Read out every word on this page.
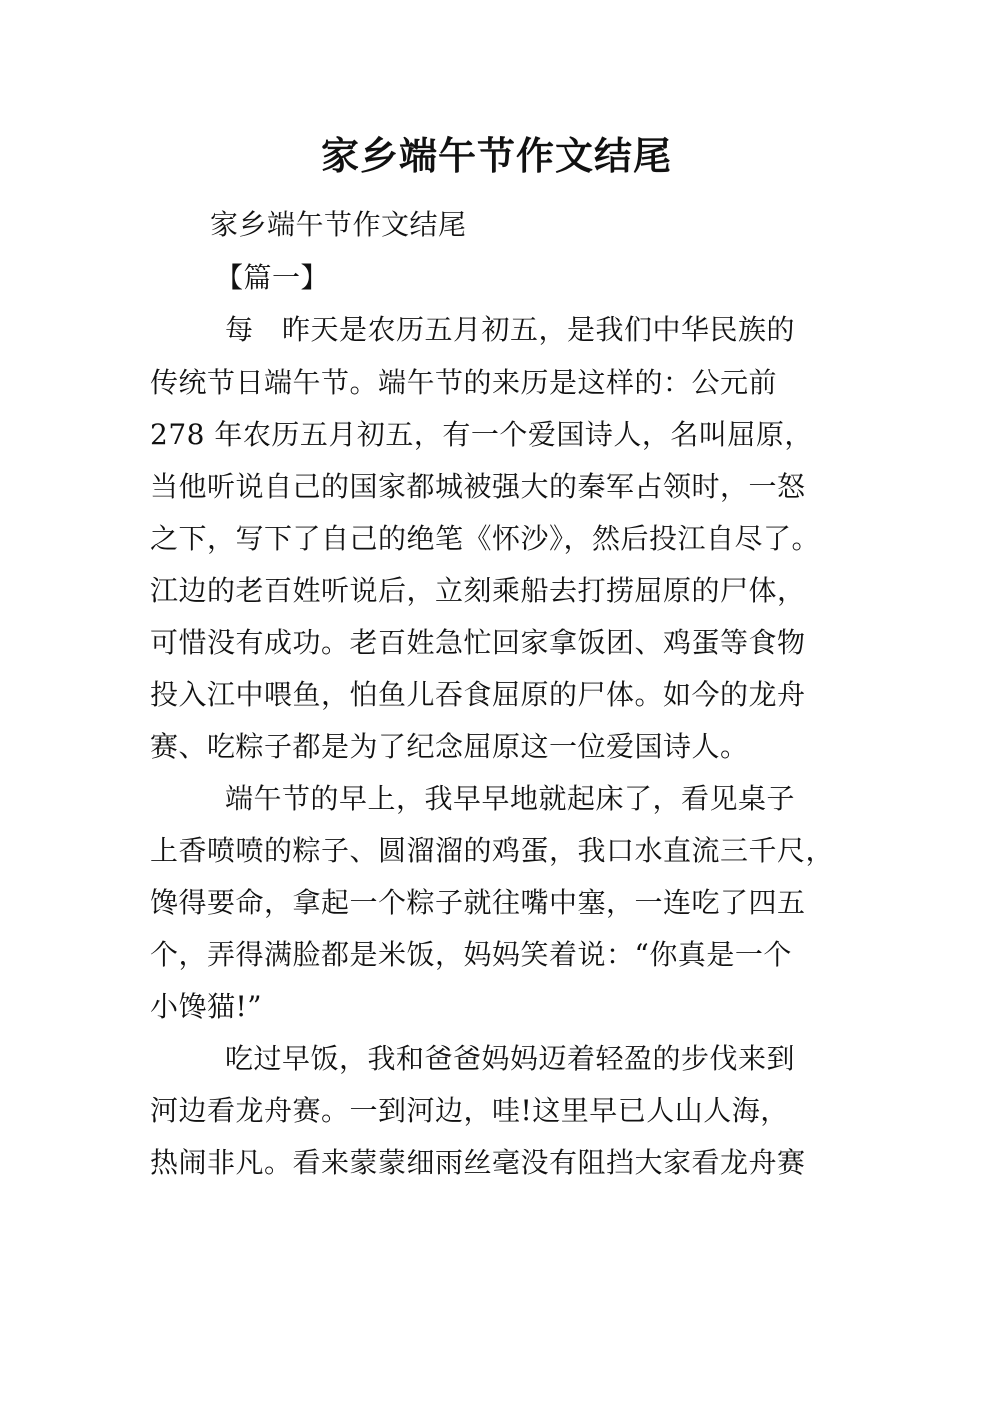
家乡端午节作文结尾
家乡端午节作文结尾
【篇一】
每　昨天是农历五月初五，是我们中华民族的
传统节日端午节。端午节的来历是这样的：公元前
278 年农历五月初五，有一个爱国诗人，名叫屈原，
当他听说自己的国家都城被强大的秦军占领时，一怒
之下，写下了自己的绝笔《怀沙》，然后投江自尽了。
江边的老百姓听说后，立刻乘船去打捞屈原的尸体，
可惜没有成功。老百姓急忙回家拿饭团、鸡蛋等食物
投入江中喂鱼，怕鱼儿吞食屈原的尸体。如今的龙舟
赛、吃粽子都是为了纪念屈原这一位爱国诗人。
端午节的早上，我早早地就起床了，看见桌子
上香喷喷的粽子、圆溜溜的鸡蛋，我口水直流三千尺，
馋得要命，拿起一个粽子就往嘴中塞，一连吃了四五
个，弄得满脸都是米饭，妈妈笑着说：“你真是一个
小馋猫!”
吃过早饭，我和爸爸妈妈迈着轻盈的步伐来到
河边看龙舟赛。一到河边，哇!这里早已人山人海，
热闹非凡。看来蒙蒙细雨丝毫没有阻挡大家看龙舟赛
